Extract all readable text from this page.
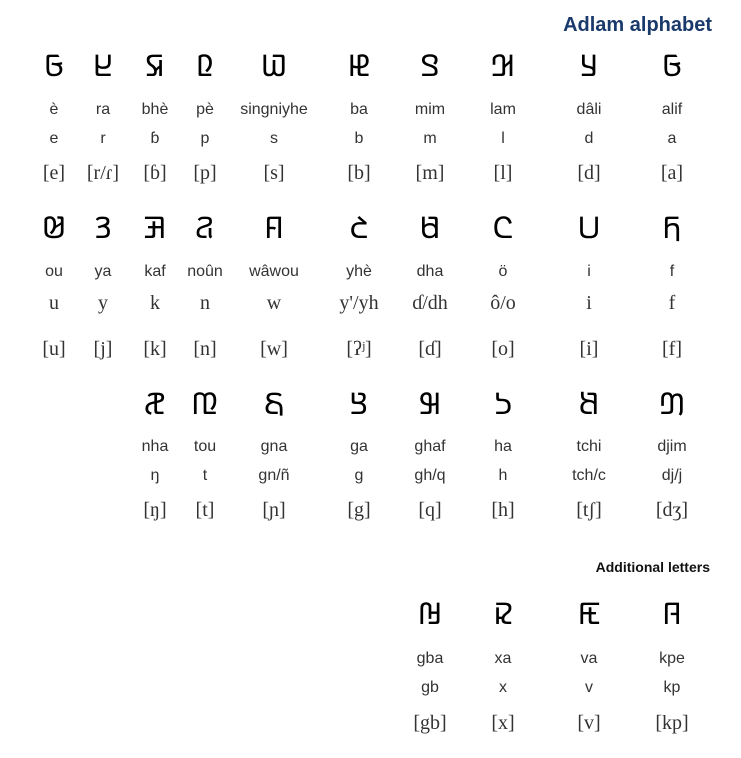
Adlam alphabet
Additional letters
𞤀
è
e
[e]
𞤈
ra
r
[r/ɾ]
𞤇
bhè
ɓ
[ɓ]
𞤆
pè
p
[p]
𞤅
singniyhe
s
[s]
𞤄
ba
b
[b]
𞤃
mim
m
[m]
𞤂
lam
l
[l]
𞤁
dâli
d
[d]
𞤀
alif
a
[a]
𞤓
ou
u
[u]
𞤒
ya
y
[j]
𞤑
kaf
k
[k]
𞤐
noûn
n
[n]
𞤏
wâwou
w
[w]
𞤎
yhè
y'/yh
[ʔʲ]
𞤍
dha
ɗ/dh
[ɗ]
𞤌
ö
ô/o
[o]
𞤋
i
i
[i]
𞤊
f
f
[f]
𞤛
nha
ŋ
[ŋ]
𞤚
tou
t
[t]
𞤙
gna
gn/ñ
[ɲ]
𞤘
ga
g
[g]
𞤗
ghaf
gh/q
[q]
𞤖
ha
h
[h]
𞤕
tchi
tch/c
[tʃ]
𞤔
djim
dj/j
[dʒ]
𞤟
gba
gb
[gb]
𞤞
xa
x
[x]
𞤝
va
v
[v]
𞤜
kpe
kp
[kp]
